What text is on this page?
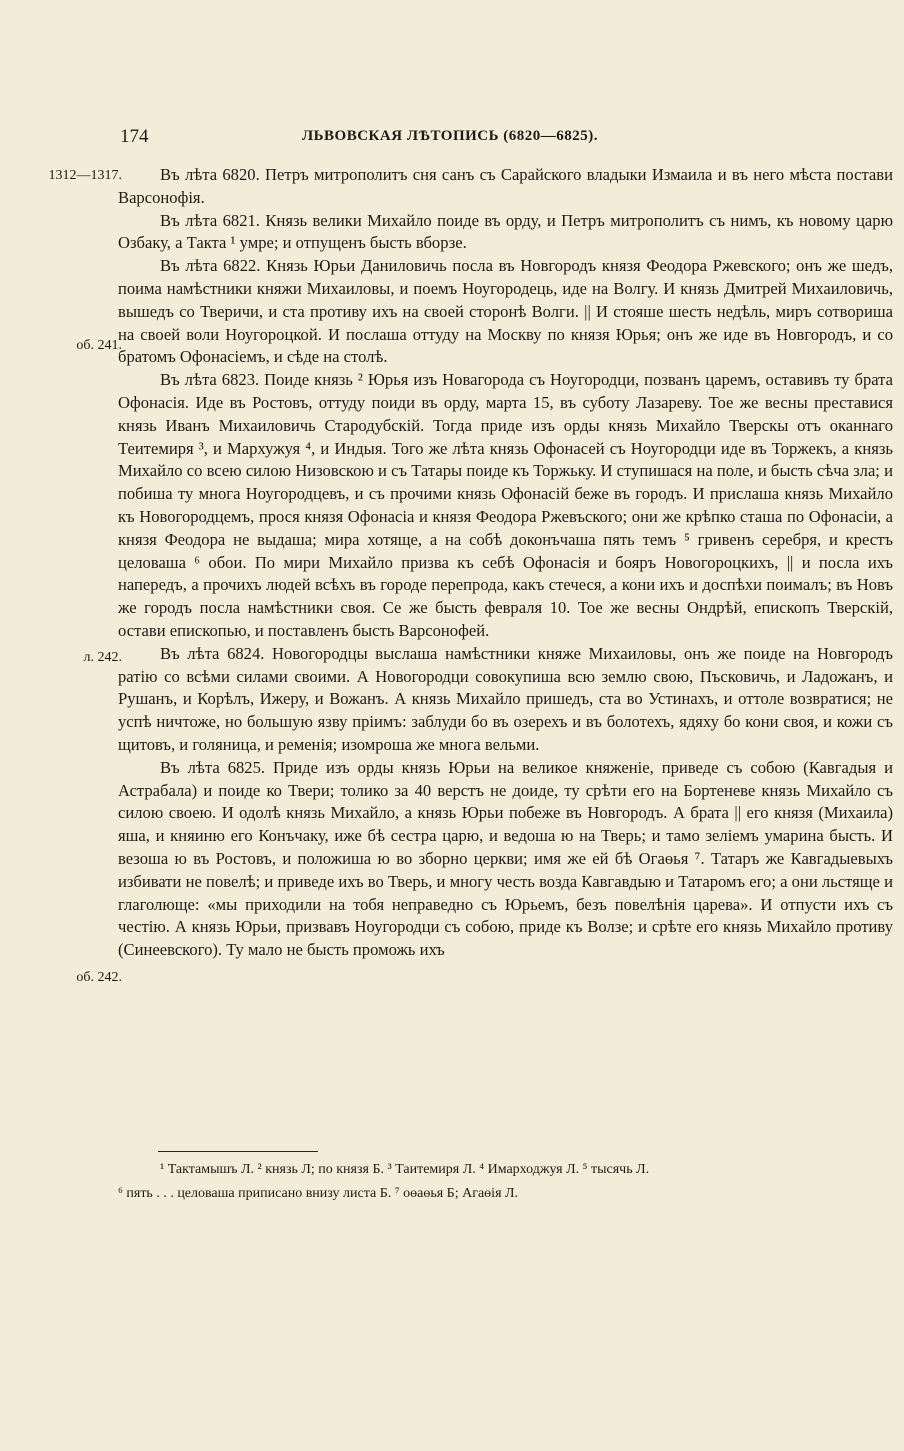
174	ЛЬВОВСКАЯ ЛѢТОПИСЬ (6820—6825).
1312—1317.
об. 241.
л. 242.
об. 242.

Въ лѣта 6820. Петръ митрополитъ сня санъ съ Сарайского владыки Измаила и въ него мѣста постави Варсонофія.

Въ лѣта 6821. Князь велики Михайло поиде въ орду, и Петръ митрополитъ съ нимъ, къ новому царю Озбаку, а Такта ¹ умре; и отпущенъ бысть вборзе.

Въ лѣта 6822. Князь Юрьи Даниловичь посла въ Новгородъ князя Феодора Ржевского; онъ же шедъ, поима намѣстники княжи Михаиловы, и поемъ Ноугородець, иде на Волгу. И князь Дмитрей Михаиловичь, вышедъ со Тверичи, и ста противу ихъ на своей сторонѣ Волги. || И стояше шесть недѣль, миръ сотвориша на своей воли Ноугороцкой. И послаша оттуду на Москву по князя Юрья; онъ же иде въ Новгородъ, и со братомъ Офонасіемъ, и сѣде на столѣ.

Въ лѣта 6823. Поиде князь ² Юрья изъ Новагорода съ Ноугородци, позванъ царемъ, оставивъ ту брата Офонасія. Иде въ Ростовъ, оттуду поиди въ орду, марта 15, въ суботу Лазареву. Тое же весны преставися князь Иванъ Михаиловичь Стародубскій. Тогда приде изъ орды князь Михайло Тверскы отъ оканнаго Теитемиря ³, и Мархужуя ⁴, и Индыя. Того же лѣта князь Офонасей съ Ноугородци иде въ Торжекъ, а князь Михайло со всею силою Низовскою и съ Татары поиде къ Торжьку. И ступишася на поле, и бысть сѣча зла; и побиша ту многа Ноугородцевъ, и съ прочими князь Офонасій беже въ городъ. И прислаша князь Михайло къ Новогородцемъ, прося князя Офонасіа и князя Феодора Ржевъского; они же крѣпко сташа по Офонасіи, а князя Феодора не выдаша; мира хотяще, а на собѣ доконъчаша пять темъ ⁵ гривенъ серебря, и крестъ целоваша ⁶ обои. По мири Михайло призва къ себѣ Офонасія и бояръ Новогороцкихъ, || и посла ихъ напередъ, а прочихъ людей всѣхъ въ городе перепрода, какъ стечеся, а кони ихъ и доспѣхи поималъ; въ Новъ же городъ посла намѣстники своя. Се же бысть февраля 10. Тое же весны Ондрѣй, епископъ Тверскій, остави епископью, и поставленъ бысть Варсонофей.

Въ лѣта 6824. Новогородцы выслаша намѣстники княже Михаиловы, онъ же поиде на Новгородъ ратію со всѣми силами своими. А Новогородци совокупиша всю землю свою, Пъсковичь, и Ладожанъ, и Рушанъ, и Корѣлъ, Ижеру, и Вожанъ. А князь Михайло пришедъ, ста во Устинахъ, и оттоле возвратися; не успѣ ничтоже, но большую язву пріимъ: заблуди бо въ озерехъ и въ болотехъ, ядяху бо кони своя, и кожи съ щитовъ, и голяница, и ременія; изомроша же многа вельми.

Въ лѣта 6825. Приде изъ орды князь Юрьи на великое княженіе, приведе съ собою (Кавгадыя и Астрабала) и поиде ко Твери; толико за 40 верстъ не доиде, ту срѣти его на Бортеневе князь Михайло съ силою своею. И одолѣ князь Михайло, а князь Юрьи побеже въ Новгородъ. А брата || его князя (Михаила) яша, и княиню его Конъчаку, иже бѣ сестра царю, и ведоша ю на Тверь; и тамо зеліемъ умарина бысть. И везоша ю въ Ростовъ, и положиша ю во зборно церкви; имя же ей бѣ Огаѳья ⁷. Татаръ же Кавгадыевыхъ избивати не повелѣ; и приведе ихъ во Тверь, и многу честь возда Кавгавдыю и Татаромъ его; а они льстяще и глаголюще: «мы приходили на тобя неправедно съ Юрьемъ, безъ повелѣнія царева». И отпусти ихъ съ честію. А князь Юрьи, призвавъ Ноугородци съ собою, приде къ Волзе; и срѣте его князь Михайло противу (Синеевского). Ту мало не бысть проможь ихъ

¹ Тактамышъ Л. ² князь Л; по князя Б. ³ Таитемиря Л. ⁴ Имарходжуя Л. ⁵ тысячь Л.

⁶ пять . . . целоваша приписано внизу листа Б. ⁷ оѳаѳья Б; Агаѳія Л.
